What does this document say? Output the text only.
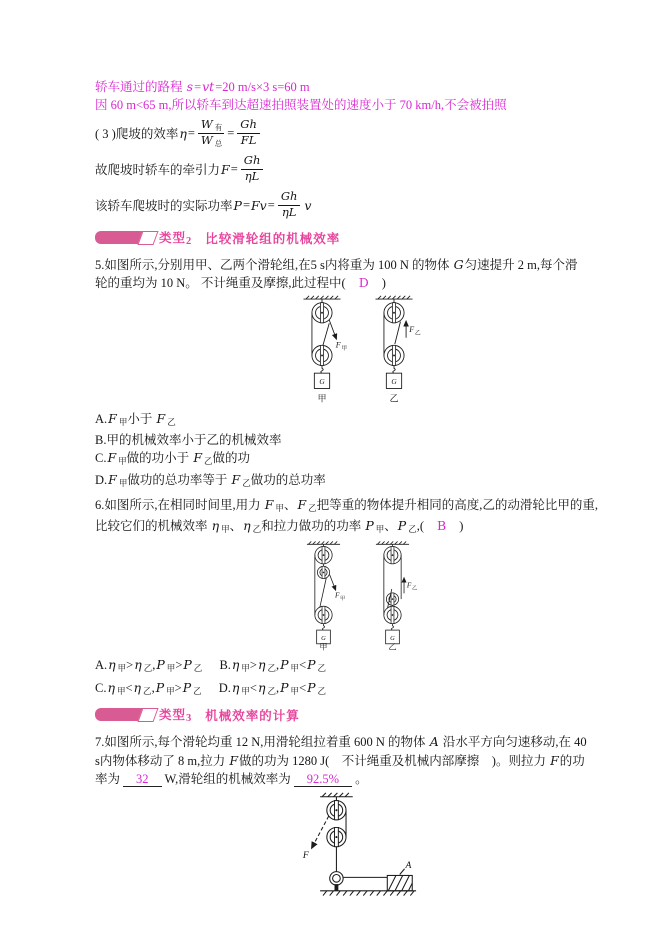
轿车通过的路程 s=vt=20 m/s×3 s=60 m

因 60 m<65 m,所以轿车到达超速拍照装置处的速度小于 70 km/h,不会被拍照

( 3 )爬坡的效率 $\eta = \frac{\text{W 有}}{\text{W 总}} = \frac{Gh}{FL}$

故爬坡时轿车的牵引力 $F = \frac{Gh}{\eta L}$

该轿车爬坡时的实际功率 $P = Fv = \frac{Gh}{\eta L}$ v

类型2 比较滑轮组的机械效率

5.如图所示,分别用甲、乙两个滑轮组,在5 s内将重为 100 N 的物体 G匀速提升 2 m,每个滑

轮的重均为 10 N。 不计绳重及摩擦,此过程中( D )

F 甲
G
甲
F 乙
G
乙

A.F 甲小于 F 乙

B.甲的机械效率小于乙的机械效率

C.F 甲做的功小于 F 乙做的功

D.F 甲做功的总功率等于 F 乙做功的总功率

6.如图所示,在相同时间里,用力 F 甲、F 乙把等重的物体提升相同的高度,乙的动滑轮比甲的重,

比较它们的机械效率 η 甲、η 乙和拉力做功的功率 P 甲、P 乙,( B )

F 甲
G
甲
F 乙
G
乙

A.η 甲>η 乙,P 甲>P 乙 B.η 甲>η 乙,P 甲<P 乙

C.η 甲<η 乙,P 甲>P 乙 D.η 甲<η 乙,P 甲<P 乙

类型3 机械效率的计算

7.如图所示,每个滑轮均重 12 N,用滑轮组拉着重 600 N 的物体 A 沿水平方向匀速移动,在 40

s内物体移动了 8 m,拉力 F做的功为 1280 J(　不计绳重及机械内部摩擦　)。则拉力 F的功

率为 32 W,滑轮组的机械效率为 92.5% 。

F
A
